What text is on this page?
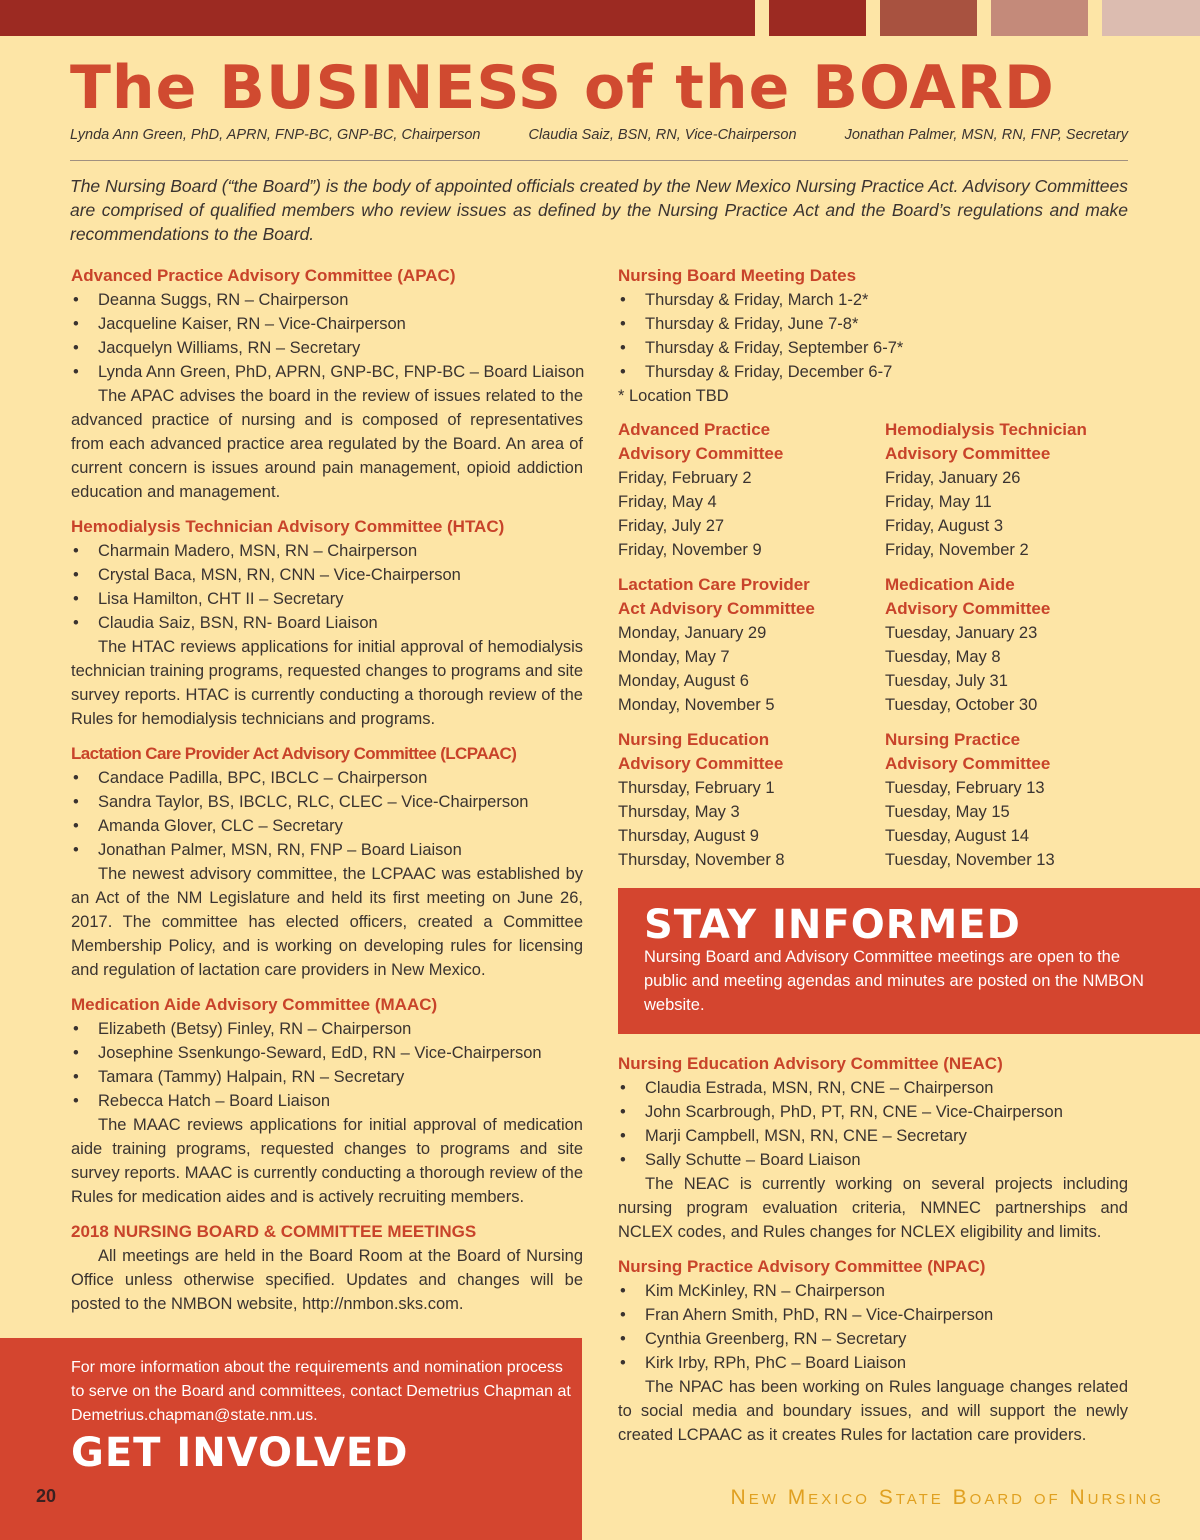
The BUSINESS of the BOARD
Lynda Ann Green, PhD, APRN, FNP-BC, GNP-BC, Chairperson	Claudia Saiz, BSN, RN, Vice-Chairperson	Jonathan Palmer, MSN, RN, FNP, Secretary

The Nursing Board (“the Board”) is the body of appointed officials created by the New Mexico Nursing Practice Act. Advisory Committees are comprised of qualified members who review issues as defined by the Nursing Practice Act and the Board’s regulations and make recommendations to the Board.

Advanced Practice Advisory Committee (APAC)

• Deanna Suggs, RN – Chairperson
• Jacqueline Kaiser, RN – Vice-Chairperson
• Jacquelyn Williams, RN – Secretary
• Lynda Ann Green, PhD, APRN, GNP-BC, FNP-BC – Board Liaison

The APAC advises the board in the review of issues related to the advanced practice of nursing and is composed of representatives from each advanced practice area regulated by the Board. An area of current concern is issues around pain management, opioid addiction education and management.

Hemodialysis Technician Advisory Committee (HTAC)

• Charmain Madero, MSN, RN – Chairperson
• Crystal Baca, MSN, RN, CNN – Vice-Chairperson
• Lisa Hamilton, CHT II – Secretary
• Claudia Saiz, BSN, RN- Board Liaison

The HTAC reviews applications for initial approval of hemodialysis technician training programs, requested changes to programs and site survey reports. HTAC is currently conducting a thorough review of the Rules for hemodialysis technicians and programs.

Lactation Care Provider Act Advisory Committee (LCPAAC)

• Candace Padilla, BPC, IBCLC – Chairperson
• Sandra Taylor, BS, IBCLC, RLC, CLEC – Vice-Chairperson
• Amanda Glover, CLC – Secretary
• Jonathan Palmer, MSN, RN, FNP – Board Liaison

The newest advisory committee, the LCPAAC was established by an Act of the NM Legislature and held its first meeting on June 26, 2017. The committee has elected officers, created a Committee Membership Policy, and is working on developing rules for licensing and regulation of lactation care providers in New Mexico.

Medication Aide Advisory Committee (MAAC)

• Elizabeth (Betsy) Finley, RN – Chairperson
• Josephine Ssenkungo-Seward, EdD, RN – Vice-Chairperson
• Tamara (Tammy) Halpain, RN – Secretary
• Rebecca Hatch – Board Liaison

The MAAC reviews applications for initial approval of medication aide training programs, requested changes to programs and site survey reports. MAAC is currently conducting a thorough review of the Rules for medication aides and is actively recruiting members.

2018 NURSING BOARD & COMMITTEE MEETINGS

All meetings are held in the Board Room at the Board of Nursing Office unless otherwise specified. Updates and changes will be posted to the NMBON website, http://nmbon.sks.com.

Nursing Board Meeting Dates

• Thursday & Friday, March 1-2*
• Thursday & Friday, June 7-8*
• Thursday & Friday, September 6-7*
• Thursday & Friday, December 6-7

* Location TBD

Advanced Practice
Advisory Committee
Friday, February 2
Friday, May 4
Friday, July 27
Friday, November 9
Hemodialysis Technician
Advisory Committee
Friday, January 26
Friday, May 11
Friday, August 3
Friday, November 2
Lactation Care Provider
Act Advisory Committee
Monday, January 29
Monday, May 7
Monday, August 6
Monday, November 5
Medication Aide
Advisory Committee
Tuesday, January 23
Tuesday, May 8
Tuesday, July 31
Tuesday, October 30
Nursing Education
Advisory Committee
Thursday, February 1
Thursday, May 3
Thursday, August 9
Thursday, November 8
Nursing Practice
Advisory Committee
Tuesday, February 13
Tuesday, May 15
Tuesday, August 14
Tuesday, November 13
STAY INFORMED
Nursing Board and Advisory Committee meetings are open to the public and meeting agendas and minutes are posted on the NMBON website.

Nursing Education Advisory Committee (NEAC)

• Claudia Estrada, MSN, RN, CNE – Chairperson
• John Scarbrough, PhD, PT, RN, CNE – Vice-Chairperson
• Marji Campbell, MSN, RN, CNE – Secretary
• Sally Schutte – Board Liaison

The NEAC is currently working on several projects including nursing program evaluation criteria, NMNEC partnerships and NCLEX codes, and Rules changes for NCLEX eligibility and limits.

Nursing Practice Advisory Committee (NPAC)

• Kim McKinley, RN – Chairperson
• Fran Ahern Smith, PhD, RN – Vice-Chairperson
• Cynthia Greenberg, RN – Secretary
• Kirk Irby, RPh, PhC – Board Liaison

The NPAC has been working on Rules language changes related to social media and boundary issues, and will support the newly created LCPAAC as it creates Rules for lactation care providers.

For more information about the requirements and nomination process to serve on the Board and committees, contact Demetrius Chapman at Demetrius.chapman@state.nm.us.
GET INVOLVED
20	New Mexico State Board of Nursing
